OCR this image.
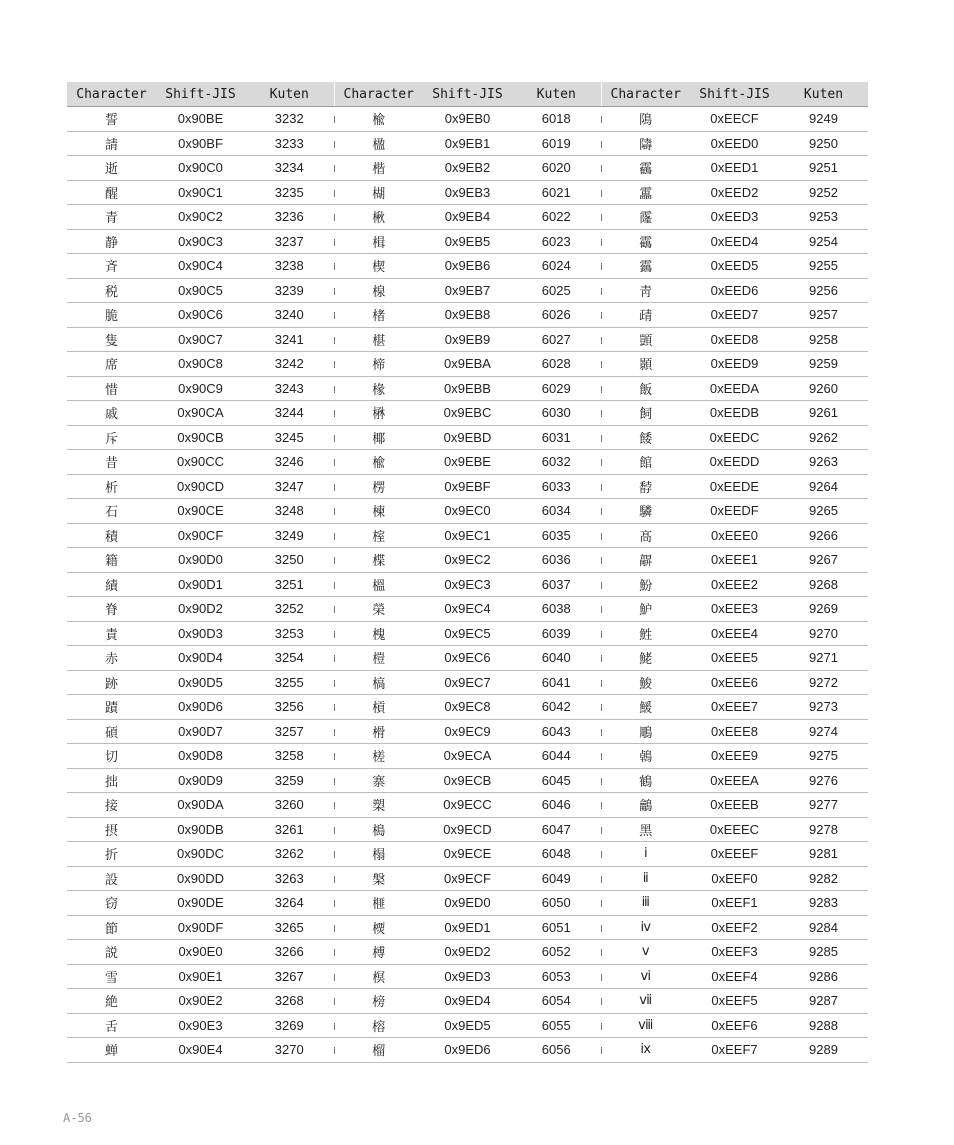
Character	Shift-JIS	Kuten	Character	Shift-JIS	Kuten	Character	Shift-JIS	Kuten
誓	0x90BE	3232	楡	0x9EB0	6018	隝	0xEECF	9249
請	0x90BF	3233	楹	0x9EB1	6019	隯	0xEED0	9250
逝	0x90C0	3234	楷	0x9EB2	6020	靏	0xEED1	9251
醒	0x90C1	3235	楜	0x9EB3	6021	靁	0xEED2	9252
青	0x90C2	3236	楸	0x9EB4	6022	霳	0xEED3	9253
静	0x90C3	3237	楫	0x9EB5	6023	靍	0xEED4	9254
斉	0x90C4	3238	楔	0x9EB6	6024	靎	0xEED5	9255
税	0x90C5	3239	楾	0x9EB7	6025	靑	0xEED6	9256
脆	0x90C6	3240	楮	0x9EB8	6026	靕	0xEED7	9257
隻	0x90C7	3241	椹	0x9EB9	6027	顗	0xEED8	9258
席	0x90C8	3242	楴	0x9EBA	6028	顥	0xEED9	9259
惜	0x90C9	3243	椽	0x9EBB	6029	飯	0xEEDA	9260
戚	0x90CA	3244	楙	0x9EBC	6030	飼	0xEEDB	9261
斥	0x90CB	3245	椰	0x9EBD	6031	餧	0xEEDC	9262
昔	0x90CC	3246	楡	0x9EBE	6032	館	0xEEDD	9263
析	0x90CD	3247	楞	0x9EBF	6033	馞	0xEEDE	9264
石	0x90CE	3248	楝	0x9EC0	6034	驎	0xEEDF	9265
積	0x90CF	3249	榁	0x9EC1	6035	髙	0xEEE0	9266
籍	0x90D0	3250	楪	0x9EC2	6036	髜	0xEEE1	9267
績	0x90D1	3251	榲	0x9EC3	6037	魵	0xEEE2	9268
脊	0x90D2	3252	榮	0x9EC4	6038	魲	0xEEE3	9269
責	0x90D3	3253	槐	0x9EC5	6039	鮏	0xEEE4	9270
赤	0x90D4	3254	榿	0x9EC6	6040	鮱	0xEEE5	9271
跡	0x90D5	3255	槁	0x9EC7	6041	鮻	0xEEE6	9272
蹟	0x90D6	3256	槓	0x9EC8	6042	鰀	0xEEE7	9273
碩	0x90D7	3257	榾	0x9EC9	6043	鵰	0xEEE8	9274
切	0x90D8	3258	槎	0x9ECA	6044	鵫	0xEEE9	9275
拙	0x90D9	3259	寨	0x9ECB	6045	鶴	0xEEEA	9276
接	0x90DA	3260	槊	0x9ECC	6046	鸙	0xEEEB	9277
摂	0x90DB	3261	槝	0x9ECD	6047	黑	0xEEEC	9278
折	0x90DC	3262	榻	0x9ECE	6048	ⅰ	0xEEEF	9281
設	0x90DD	3263	槃	0x9ECF	6049	ⅱ	0xEEF0	9282
窃	0x90DE	3264	榧	0x9ED0	6050	ⅲ	0xEEF1	9283
節	0x90DF	3265	樮	0x9ED1	6051	ⅳ	0xEEF2	9284
説	0x90E0	3266	榑	0x9ED2	6052	ⅴ	0xEEF3	9285
雪	0x90E1	3267	榠	0x9ED3	6053	ⅵ	0xEEF4	9286
絶	0x90E2	3268	榜	0x9ED4	6054	ⅶ	0xEEF5	9287
舌	0x90E3	3269	榕	0x9ED5	6055	ⅷ	0xEEF6	9288
蝉	0x90E4	3270	榴	0x9ED6	6056	ⅸ	0xEEF7	9289
A-56
